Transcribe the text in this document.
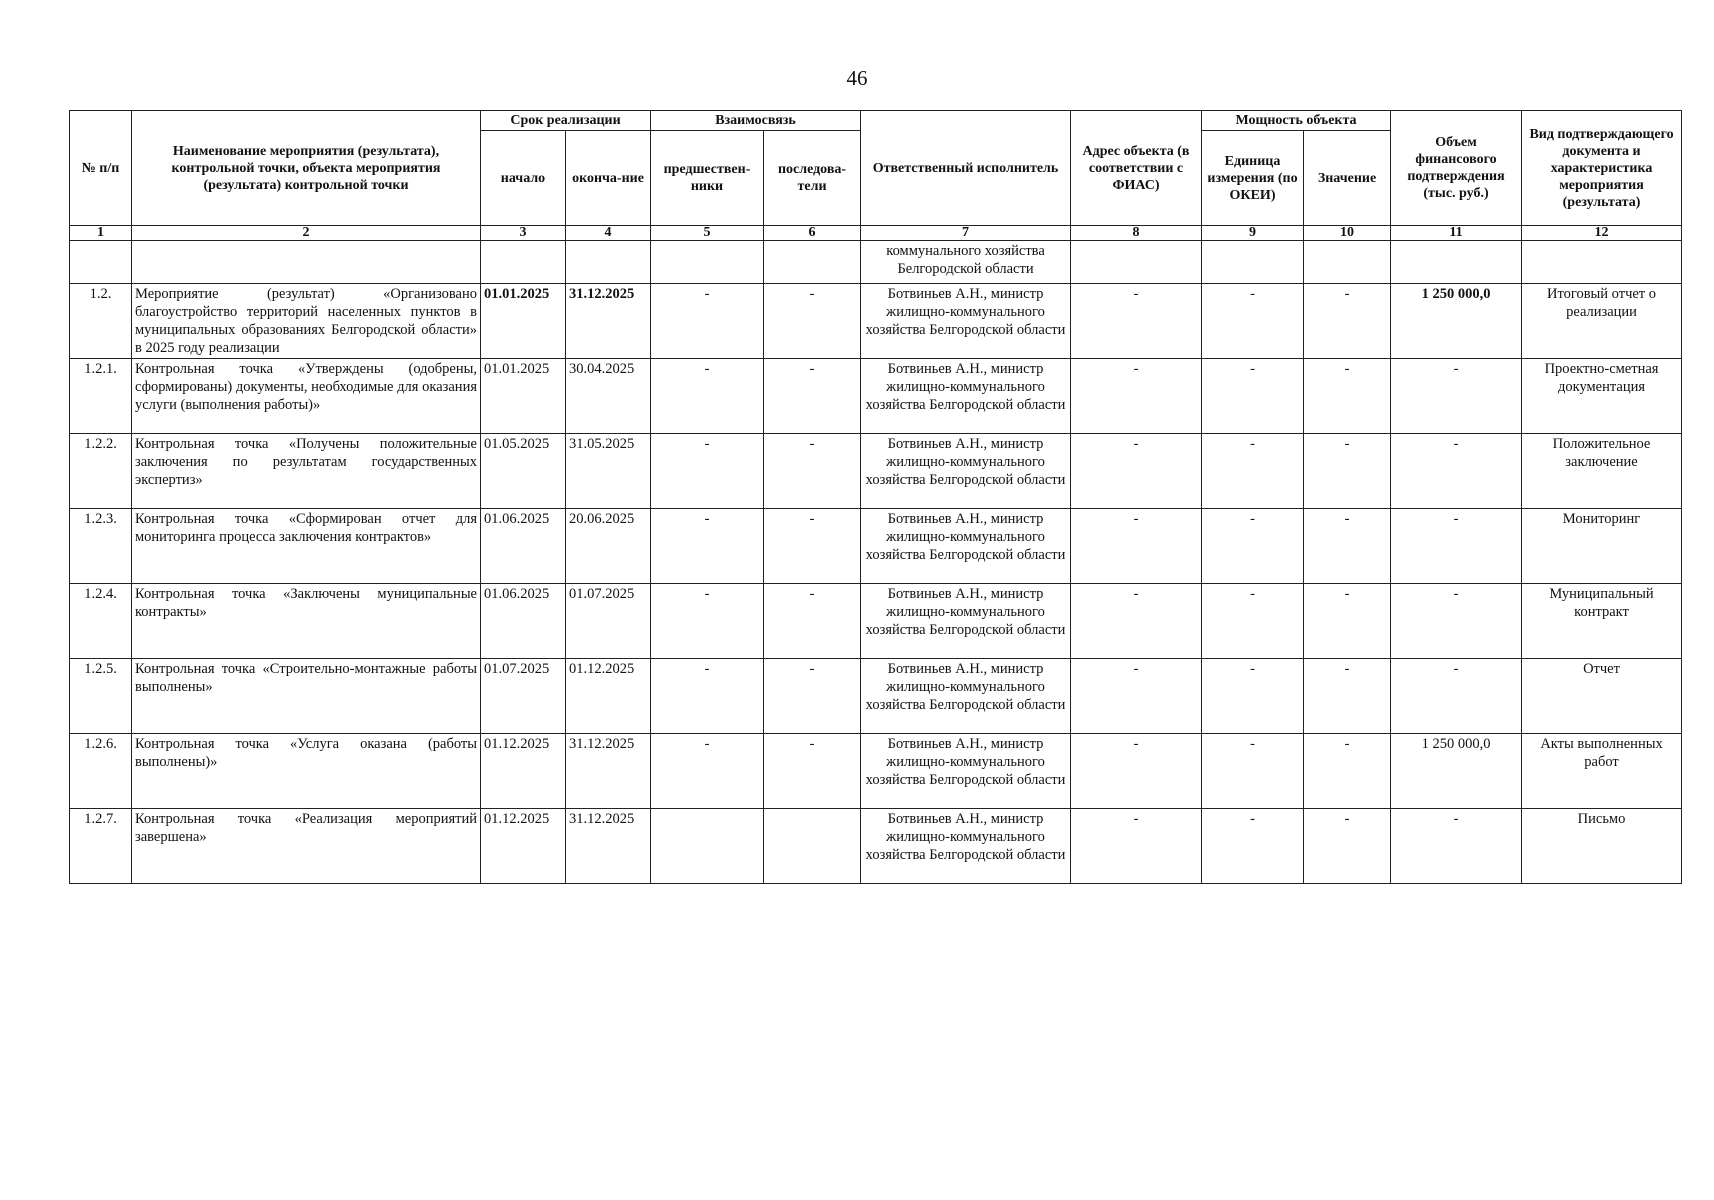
46
№ п/п	Наименование мероприятия (результата), контрольной точки, объекта мероприятия (результата) контрольной точки	Срок реализации		Взаимосвязь		Ответственный исполнитель	Адрес объекта (в соответствии с ФИАС)	Мощность объекта		Объем финансового подтверждения (тыс. руб.)	Вид подтверждающего документа и характеристика мероприятия (результата)
		начало	оконча-ние	предшествен-ники	последова-тели			Единица измерения (по ОКЕИ)	Значение		
1	2	3	4	5	6	7	8	9	10	11	12
						коммунального хозяйства Белгородской области					
1.2.	Мероприятие (результат) «Организовано благоустройство территорий населенных пунктов в муниципальных образованиях Белгородской области» в 2025 году реализации	01.01.2025	31.12.2025	-	-	Ботвиньев А.Н., министр жилищно-коммунального хозяйства Белгородской области	-	-	-	1 250 000,0	Итоговый отчет о реализации
1.2.1.	Контрольная точка «Утверждены (одобрены, сформированы) документы, необходимые для оказания услуги (выполнения работы)»	01.01.2025	30.04.2025	-	-	Ботвиньев А.Н., министр жилищно-коммунального хозяйства Белгородской области	-	-	-	-	Проектно-сметная документация
1.2.2.	Контрольная точка «Получены положительные заключения по результатам государственных экспертиз»	01.05.2025	31.05.2025	-	-	Ботвиньев А.Н., министр жилищно-коммунального хозяйства Белгородской области	-	-	-	-	Положительное заключение
1.2.3.	Контрольная точка «Сформирован отчет для мониторинга процесса заключения контрактов»	01.06.2025	20.06.2025	-	-	Ботвиньев А.Н., министр жилищно-коммунального хозяйства Белгородской области	-	-	-	-	Мониторинг
1.2.4.	Контрольная точка «Заключены муниципальные контракты»	01.06.2025	01.07.2025	-	-	Ботвиньев А.Н., министр жилищно-коммунального хозяйства Белгородской области	-	-	-	-	Муниципальный контракт
1.2.5.	Контрольная точка «Строительно-монтажные работы выполнены»	01.07.2025	01.12.2025	-	-	Ботвиньев А.Н., министр жилищно-коммунального хозяйства Белгородской области	-	-	-	-	Отчет
1.2.6.	Контрольная точка «Услуга оказана (работы выполнены)»	01.12.2025	31.12.2025	-	-	Ботвиньев А.Н., министр жилищно-коммунального хозяйства Белгородской области	-	-	-	1 250 000,0	Акты выполненных работ
1.2.7.	Контрольная точка «Реализация мероприятий завершена»	01.12.2025	31.12.2025			Ботвиньев А.Н., министр жилищно-коммунального хозяйства Белгородской области	-	-	-	-	Письмо
